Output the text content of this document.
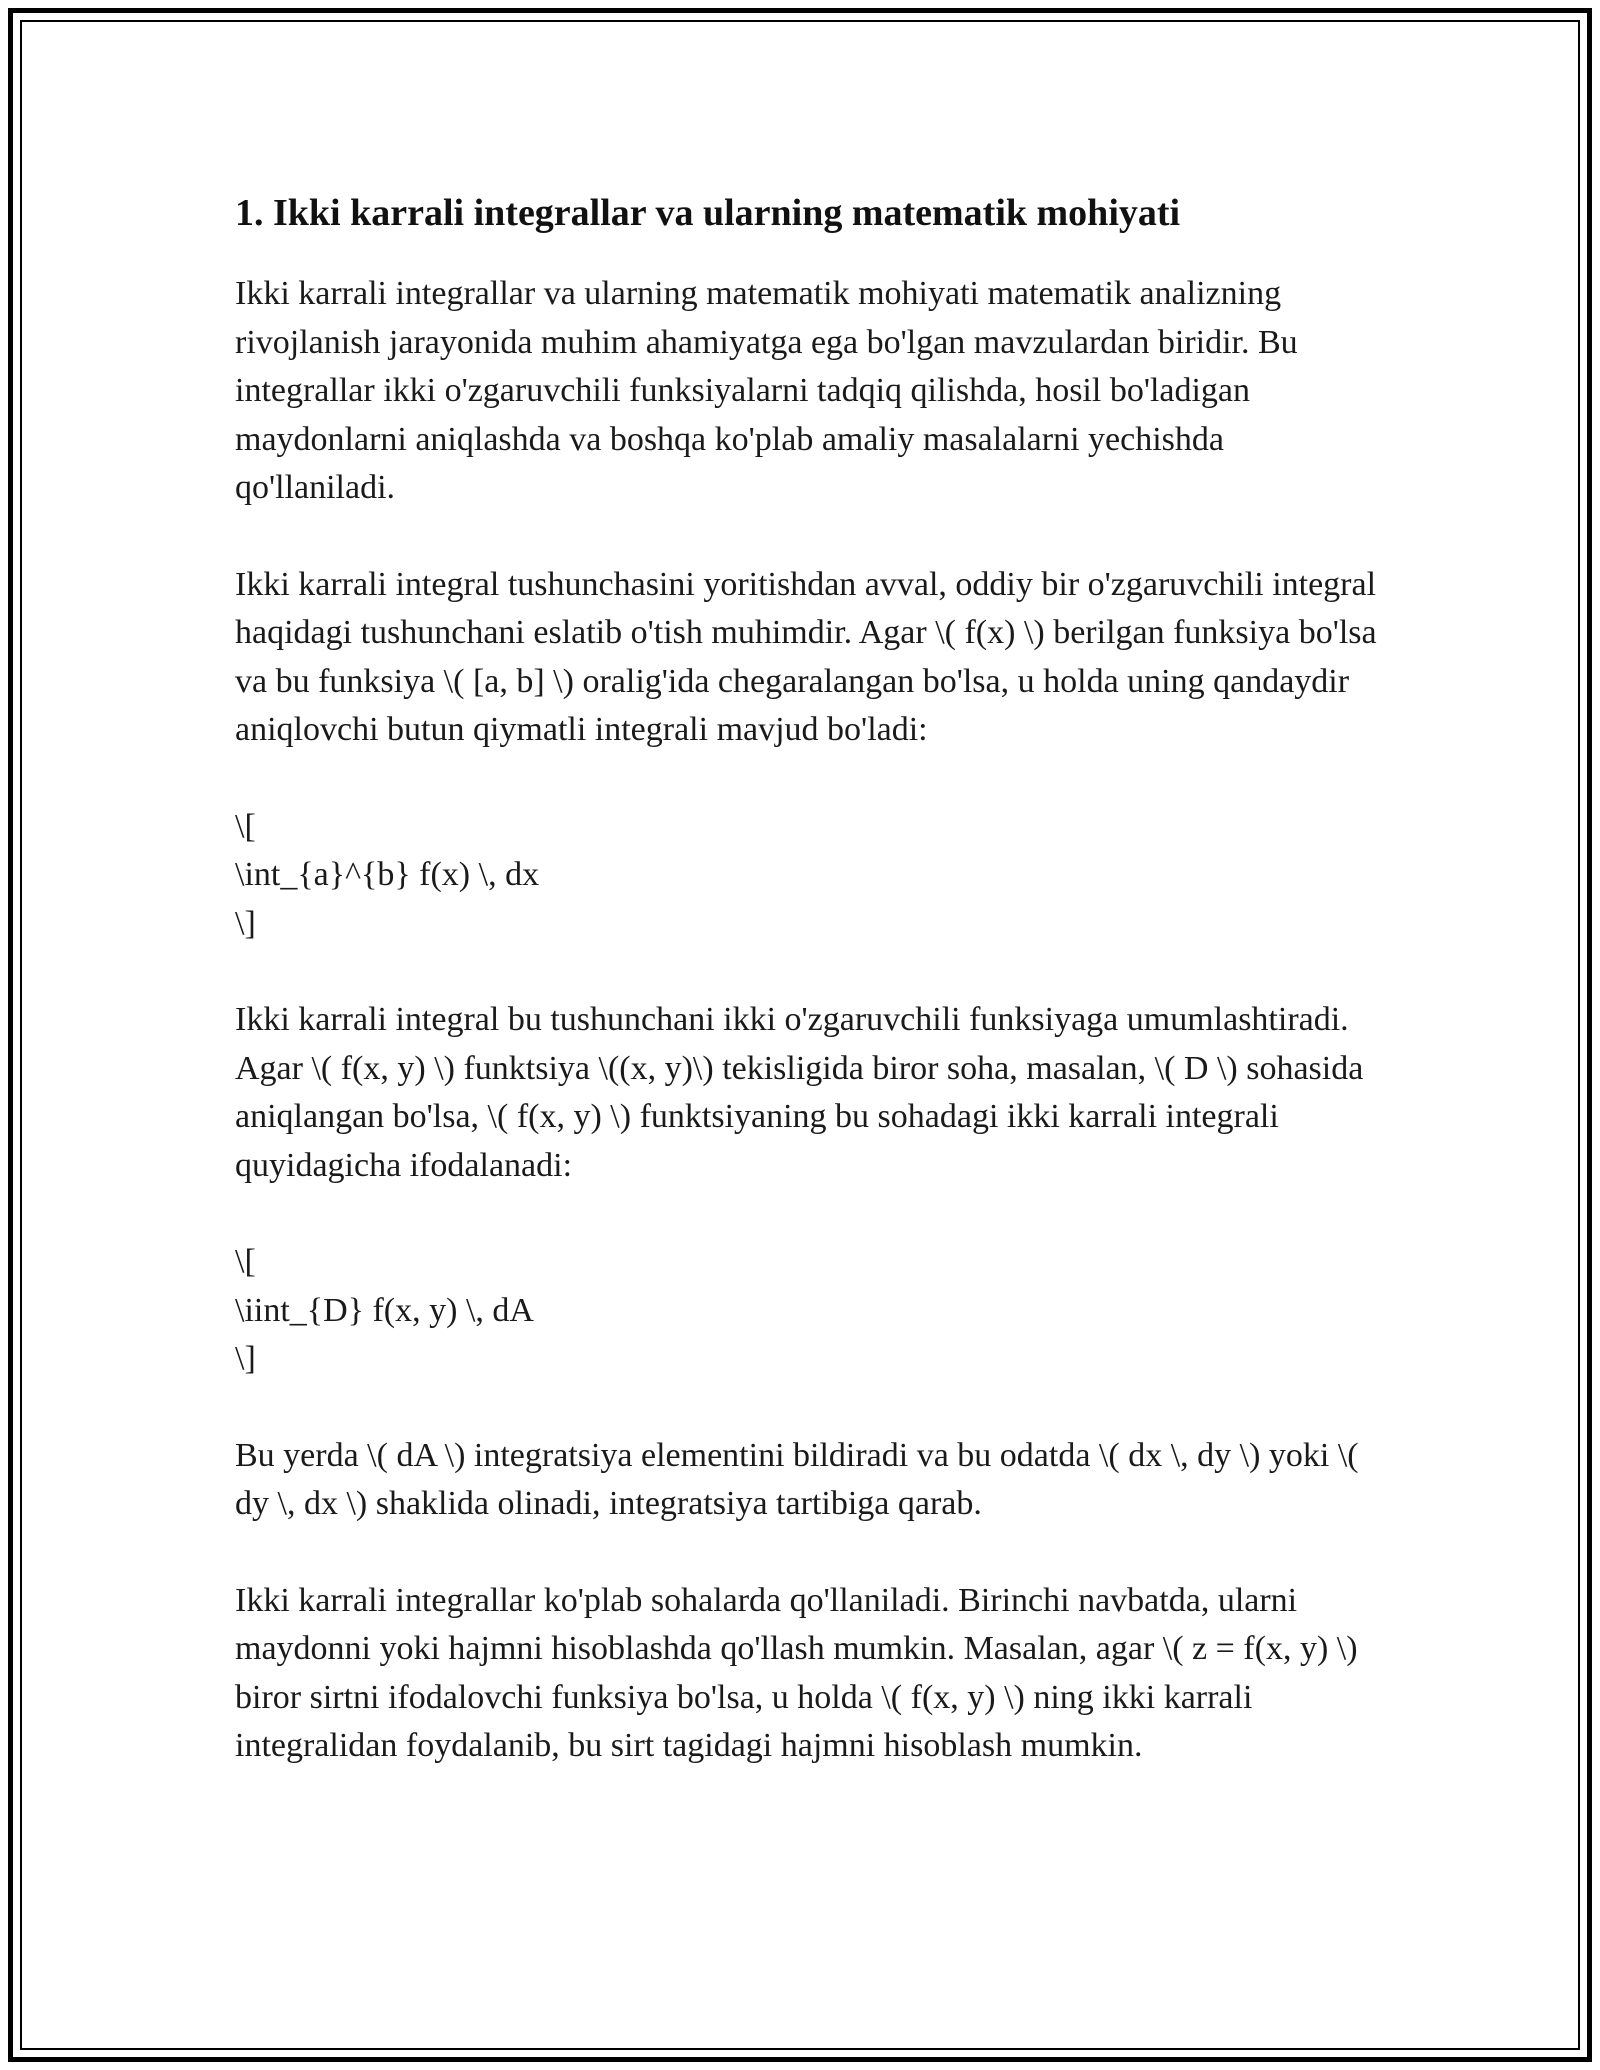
1. Ikki karrali integrallar va ularning matematik mohiyati

Ikki karrali integrallar va ularning matematik mohiyati matematik analizning rivojlanish jarayonida muhim ahamiyatga ega bo'lgan mavzulardan biridir. Bu integrallar ikki o'zgaruvchili funksiyalarni tadqiq qilishda, hosil bo'ladigan maydonlarni aniqlashda va boshqa ko'plab amaliy masalalarni yechishda qo'llaniladi.

Ikki karrali integral tushunchasini yoritishdan avval, oddiy bir o'zgaruvchili integral haqidagi tushunchani eslatib o'tish muhimdir. Agar \( f(x) \) berilgan funksiya bo'lsa va bu funksiya \( [a, b] \) oralig'ida chegaralangan bo'lsa, u holda uning qandaydir aniqlovchi butun qiymatli integrali mavjud bo'ladi:

\[
\int_{a}^{b} f(x) \, dx
\]

Ikki karrali integral bu tushunchani ikki o'zgaruvchili funksiyaga umumlashtiradi. Agar \( f(x, y) \) funktsiya \((x, y)\) tekisligida biror soha, masalan, \( D \) sohasida aniqlangan bo'lsa, \( f(x, y) \) funktsiyaning bu sohadagi ikki karrali integrali quyidagicha ifodalanadi:

\[
\iint_{D} f(x, y) \, dA
\]

Bu yerda \( dA \) integratsiya elementini bildiradi va bu odatda \( dx \, dy \) yoki \( dy \, dx \) shaklida olinadi, integratsiya tartibiga qarab.

Ikki karrali integrallar ko'plab sohalarda qo'llaniladi. Birinchi navbatda, ularni maydonni yoki hajmni hisoblashda qo'llash mumkin. Masalan, agar \( z = f(x, y) \) biror sirtni ifodalovchi funksiya bo'lsa, u holda \( f(x, y) \) ning ikki karrali integralidan foydalanib, bu sirt tagidagi hajmni hisoblash mumkin.
